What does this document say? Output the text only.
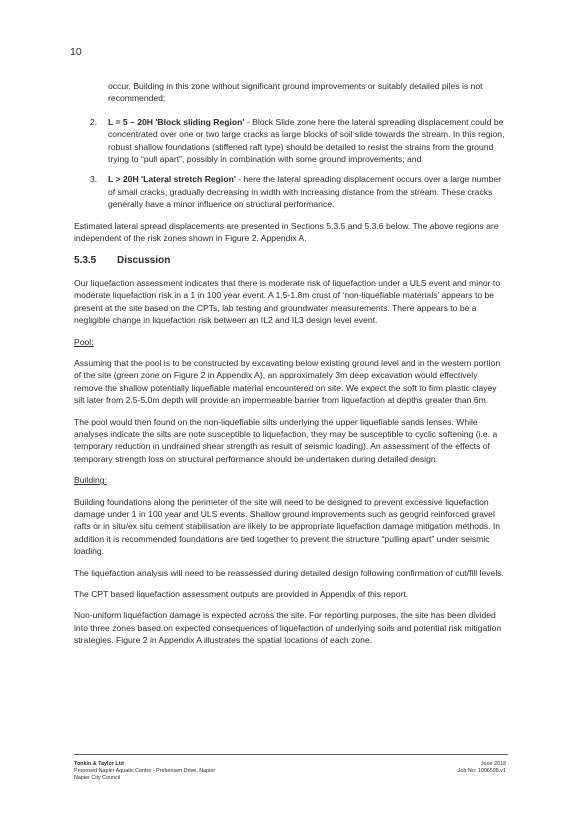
10

occur. Building in this zone without significant ground improvements or suitably detailed piles is not recommended;

2. L = 5 – 20H 'Block sliding Region' - Block Slide zone here the lateral spreading displacement could be concentrated over one or two large cracks as large blocks of soil slide towards the stream. In this region, robust shallow foundations (stiffened raft type) should be detailed to resist the strains from the ground trying to “pull apart”, possibly in combination with some ground improvements; and
3. L > 20H 'Lateral stretch Region' - here the lateral spreading displacement occurs over a large number of small cracks, gradually decreasing in width with increasing distance from the stream. These cracks generally have a minor influence on structural performance.

Estimated lateral spread displacements are presented in Sections 5.3.5 and 5.3.6 below. The above regions are independent of the risk zones shown in Figure 2, Appendix A.

5.3.5 Discussion

Our liquefaction assessment indicates that there is moderate risk of liquefaction under a ULS event and minor to moderate liquefaction risk in a 1 in 100 year event. A 1.5-1.8m crust of ‘non-liquefiable materials’ appears to be present at the site based on the CPTs, lab testing and groundwater measurements. There appears to be a negligible change in liquefaction risk between an IL2 and IL3 design level event.

Pool:

Assuming that the pool is to be constructed by excavating below existing ground level and in the western portion of the site (green zone on Figure 2 in Appendix A), an approximately 3m deep excavation would effectively remove the shallow potentially liquefiable material encountered on site. We expect the soft to firm plastic clayey silt later from 2.5-5.0m depth will provide an impermeable barrier from liquefaction at depths greater than 6m.

The pool would then found on the non-liquefiable silts underlying the upper liquefiable sands lenses. While analyses indicate the silts are note susceptible to liquefaction, they may be susceptible to cyclic softening (i.e. a temporary reduction in undrained shear strength as result of seismic loading). An assessment of the effects of temporary strength loss on structural performance should be undertaken during detailed design.

Building:

Building foundations along the perimeter of the site will need to be designed to prevent excessive liquefaction damage under 1 in 100 year and ULS events. Shallow ground improvements such as geogrid reinforced gravel rafts or in situ/ex situ cement stabilisation are likely to be appropriate liquefaction damage mitigation methods. In addition it is recommended foundations are tied together to prevent the structure “pulling apart” under seismic loading.

The liquefaction analysis will need to be reassessed during detailed design following confirmation of cut/fill levels.

The CPT based liquefaction assessment outputs are provided in Appendix of this report.

Non-uniform liquefaction damage is expected across the site. For reporting purposes, the site has been divided into three zones based on expected consequences of liquefaction of underlying soils and potential risk mitigation strategies. Figure 2 in Appendix A illustrates the spatial locations of each zone.

Tonkin & Taylor Ltd
Proposed Napier Aquatic Centre - Prebensen Drive, Napier
Napier City Council
June 2018
Job No: 1006598.v1
